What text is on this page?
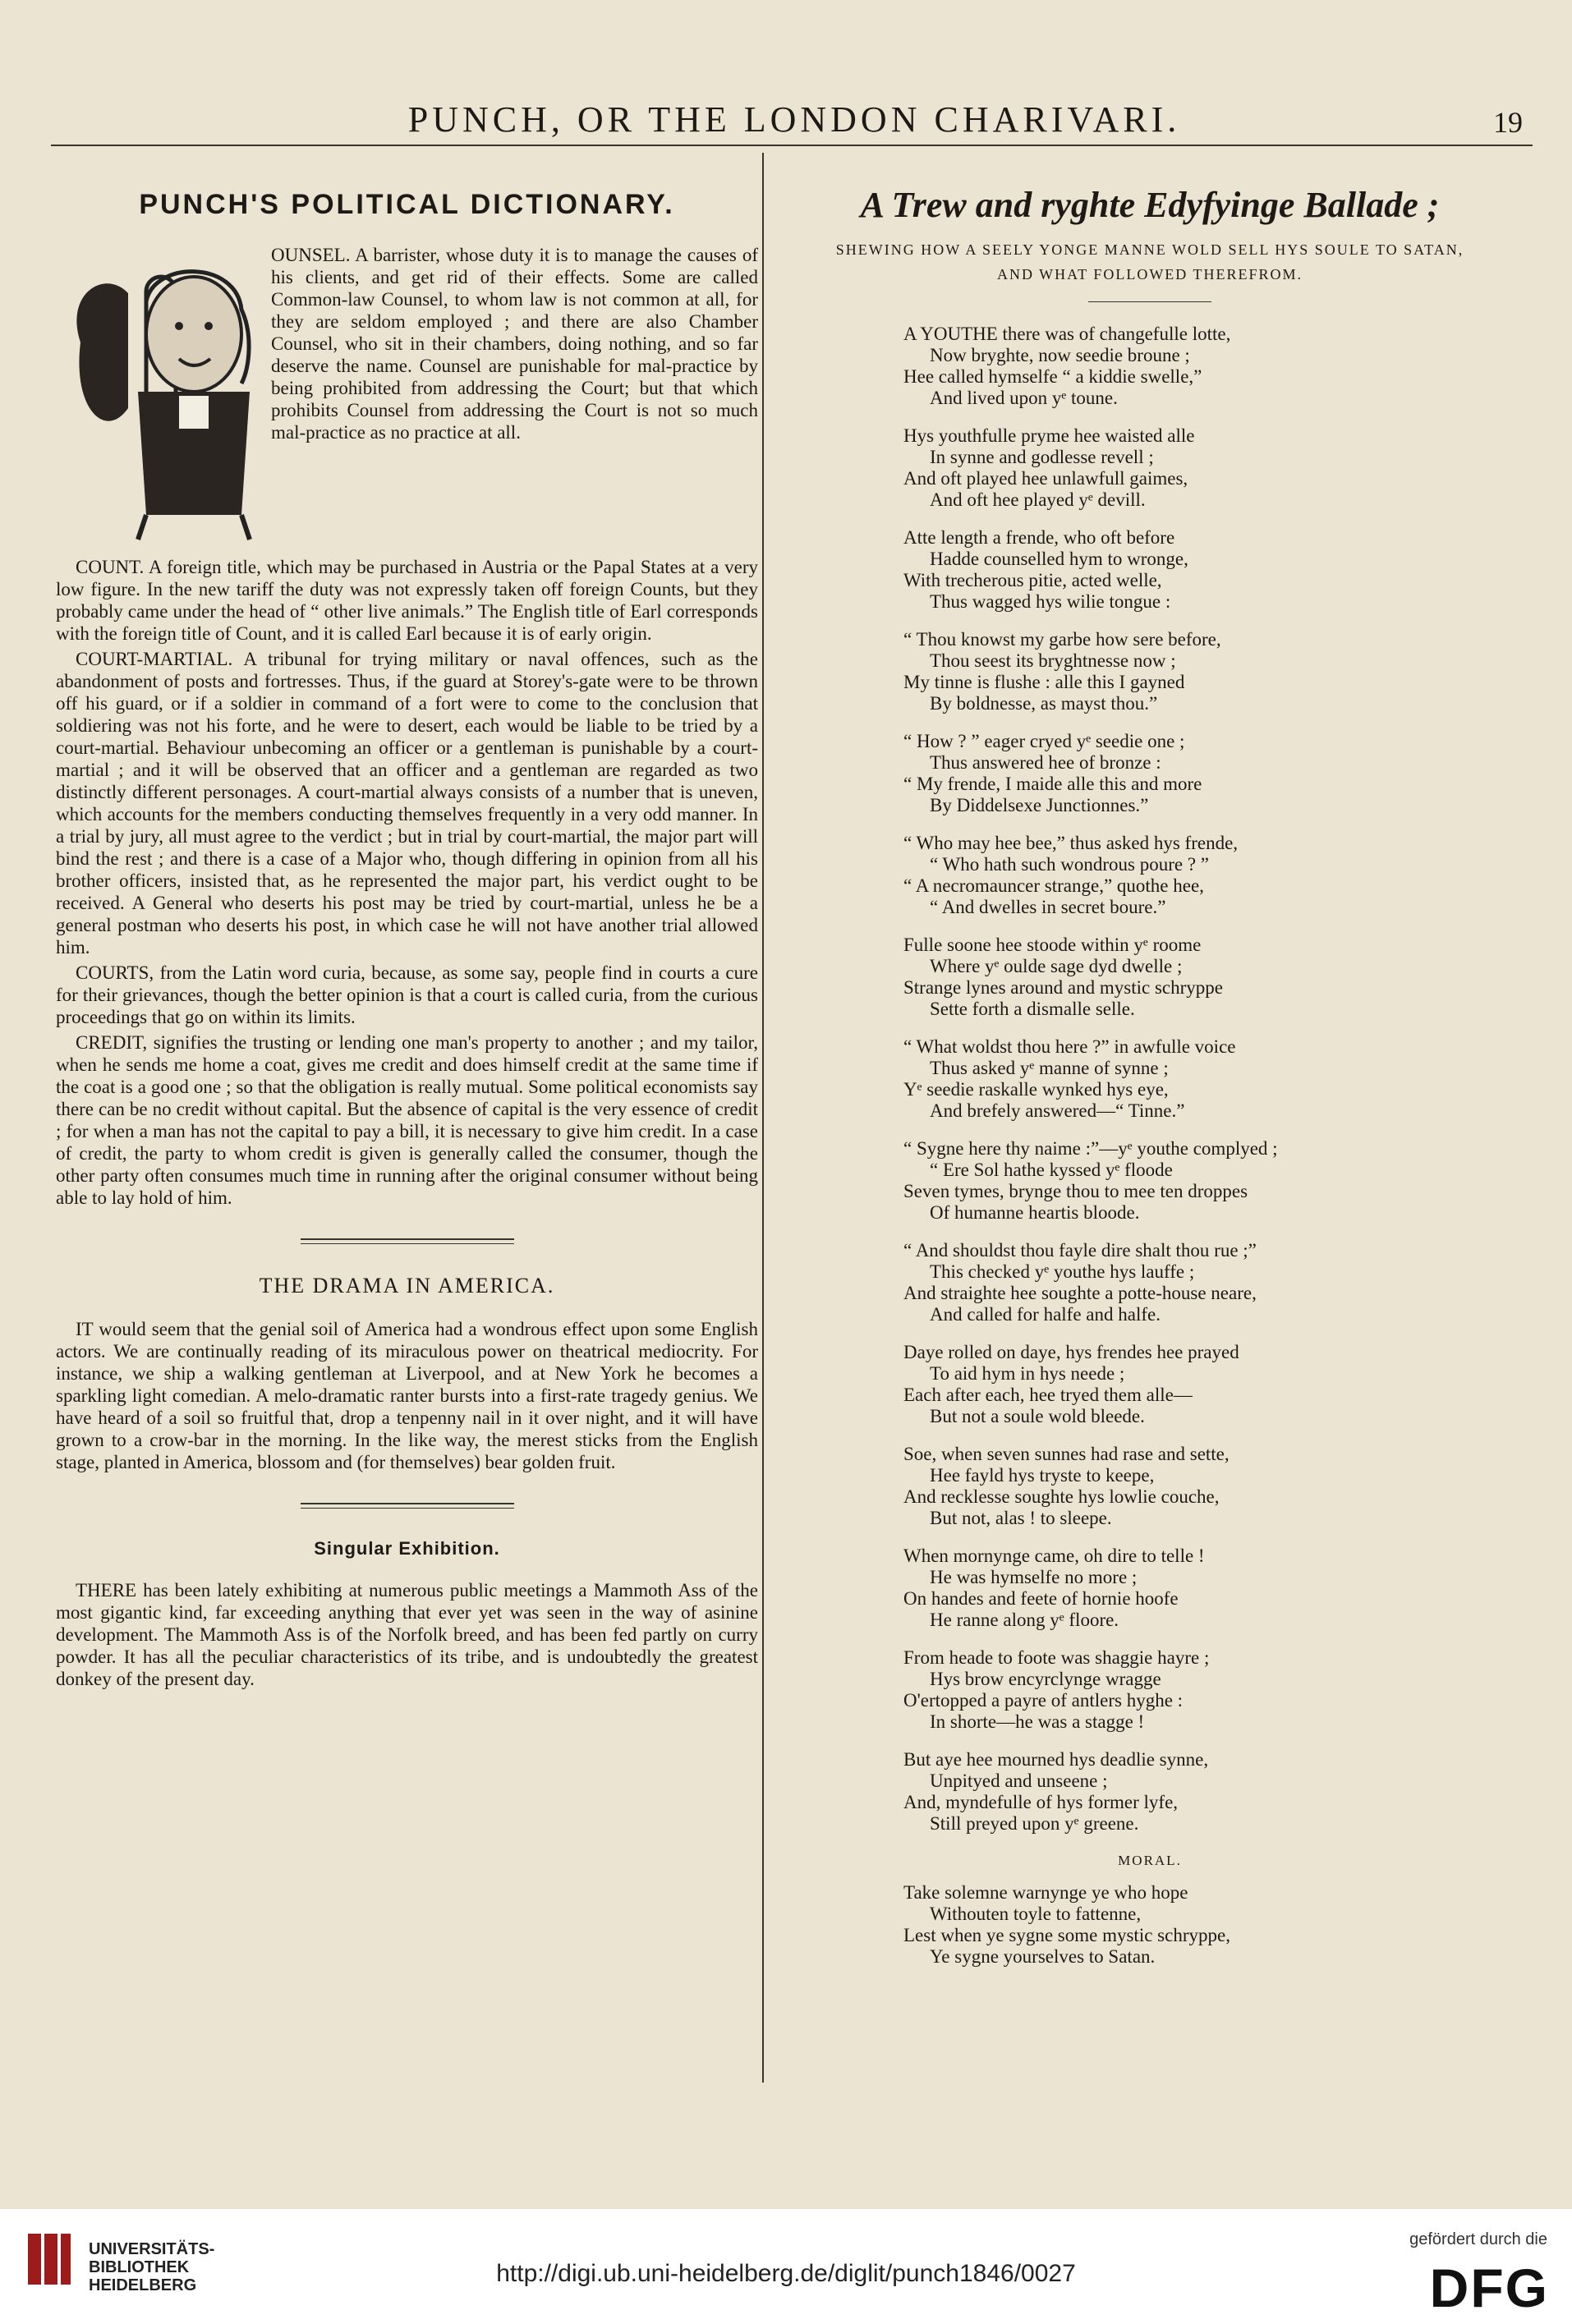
PUNCH, OR THE LONDON CHARIVARI.	19
PUNCH'S POLITICAL DICTIONARY.
OUNSEL. A barrister, whose duty it is to manage the causes of his clients, and get rid of their effects. Some are called Common-law Counsel, to whom law is not common at all, for they are seldom employed ; and there are also Chamber Counsel, who sit in their chambers, doing nothing, and so far deserve the name. Counsel are punishable for mal-practice by being prohibited from addressing the Court; but that which prohibits Counsel from addressing the Court is not so much mal-practice as no practice at all.

COUNT. A foreign title, which may be purchased in Austria or the Papal States at a very low figure. In the new tariff the duty was not expressly taken off foreign Counts, but they probably came under the head of “ other live animals.” The English title of Earl corresponds with the foreign title of Count, and it is called Earl because it is of early origin.

COURT-MARTIAL. A tribunal for trying military or naval offences, such as the abandonment of posts and fortresses. Thus, if the guard at Storey's-gate were to be thrown off his guard, or if a soldier in command of a fort were to come to the conclusion that soldiering was not his forte, and he were to desert, each would be liable to be tried by a court-martial. Behaviour unbecoming an officer or a gentleman is punishable by a court-martial ; and it will be observed that an officer and a gentleman are regarded as two distinctly different personages. A court-martial always consists of a number that is uneven, which accounts for the members conducting themselves frequently in a very odd manner. In a trial by jury, all must agree to the verdict ; but in trial by court-martial, the major part will bind the rest ; and there is a case of a Major who, though differing in opinion from all his brother officers, insisted that, as he represented the major part, his verdict ought to be received. A General who deserts his post may be tried by court-martial, unless he be a general postman who deserts his post, in which case he will not have another trial allowed him.

COURTS, from the Latin word curia, because, as some say, people find in courts a cure for their grievances, though the better opinion is that a court is called curia, from the curious proceedings that go on within its limits.

CREDIT, signifies the trusting or lending one man's property to another ; and my tailor, when he sends me home a coat, gives me credit and does himself credit at the same time if the coat is a good one ; so that the obligation is really mutual. Some political economists say there can be no credit without capital. But the absence of capital is the very essence of credit ; for when a man has not the capital to pay a bill, it is necessary to give him credit. In a case of credit, the party to whom credit is given is generally called the consumer, though the other party often consumes much time in running after the original consumer without being able to lay hold of him.

THE DRAMA IN AMERICA.

IT would seem that the genial soil of America had a wondrous effect upon some English actors. We are continually reading of its miraculous power on theatrical mediocrity. For instance, we ship a walking gentleman at Liverpool, and at New York he becomes a sparkling light comedian. A melo-dramatic ranter bursts into a first-rate tragedy genius. We have heard of a soil so fruitful that, drop a tenpenny nail in it over night, and it will have grown to a crow-bar in the morning. In the like way, the merest sticks from the English stage, planted in America, blossom and (for themselves) bear golden fruit.

Singular Exhibition.

THERE has been lately exhibiting at numerous public meetings a Mammoth Ass of the most gigantic kind, far exceeding anything that ever yet was seen in the way of asinine development. The Mammoth Ass is of the Norfolk breed, and has been fed partly on curry powder. It has all the peculiar characteristics of its tribe, and is undoubtedly the greatest donkey of the present day.

A Trew and ryghte Edyfyinge Ballade ;
SHEWING HOW A SEELY YONGE MANNE WOLD SELL HYS SOULE TO SATAN,
AND WHAT FOLLOWED THEREFROM.
A YOUTHE there was of changefulle lotte,
Now bryghte, now seedie broune ;
Hee called hymselfe “ a kiddie swelle,”
And lived upon yᵉ toune.
Hys youthfulle pryme hee waisted alle
In synne and godlesse revell ;
And oft played hee unlawfull gaimes,
And oft hee played yᵉ devill.
Atte length a frende, who oft before
Hadde counselled hym to wronge,
With trecherous pitie, acted welle,
Thus wagged hys wilie tongue :
“ Thou knowst my garbe how sere before,
Thou seest its bryghtnesse now ;
My tinne is flushe : alle this I gayned
By boldnesse, as mayst thou.”
“ How ? ” eager cryed yᵉ seedie one ;
Thus answered hee of bronze :
“ My frende, I maide alle this and more
By Diddelsexe Junctionnes.”
“ Who may hee bee,” thus asked hys frende,
“ Who hath such wondrous poure ? ”
“ A necromauncer strange,” quothe hee,
“ And dwelles in secret boure.”
Fulle soone hee stoode within yᵉ roome
Where yᵉ oulde sage dyd dwelle ;
Strange lynes around and mystic schryppe
Sette forth a dismalle selle.
“ What woldst thou here ?” in awfulle voice
Thus asked yᵉ manne of synne ;
Yᵉ seedie raskalle wynked hys eye,
And brefely answered—“ Tinne.”
“ Sygne here thy naime :”—yᵉ youthe complyed ;
“ Ere Sol hathe kyssed yᵉ floode
Seven tymes, brynge thou to mee ten droppes
Of humanne heartis bloode.
“ And shouldst thou fayle dire shalt thou rue ;”
This checked yᵉ youthe hys lauffe ;
And straighte hee soughte a potte-house neare,
And called for halfe and halfe.
Daye rolled on daye, hys frendes hee prayed
To aid hym in hys neede ;
Each after each, hee tryed them alle—
But not a soule wold bleede.
Soe, when seven sunnes had rase and sette,
Hee fayld hys tryste to keepe,
And recklesse soughte hys lowlie couche,
But not, alas ! to sleepe.
When mornynge came, oh dire to telle !
He was hymselfe no more ;
On handes and feete of hornie hoofe
He ranne along yᵉ floore.
From heade to foote was shaggie hayre ;
Hys brow encyrclynge wragge
O'ertopped a payre of antlers hyghe :
In shorte—he was a stagge !
But aye hee mourned hys deadlie synne,
Unpityed and unseene ;
And, myndefulle of hys former lyfe,
Still preyed upon yᵉ greene.
MORAL.
Take solemne warnynge ye who hope
Withouten toyle to fattenne,
Lest when ye sygne some mystic schryppe,
Ye sygne yourselves to Satan.
UNIVERSITÄTS-
BIBLIOTHEK
HEIDELBERG	http://digi.ub.uni-heidelberg.de/diglit/punch1846/0027
gefördert durch die
DFG
